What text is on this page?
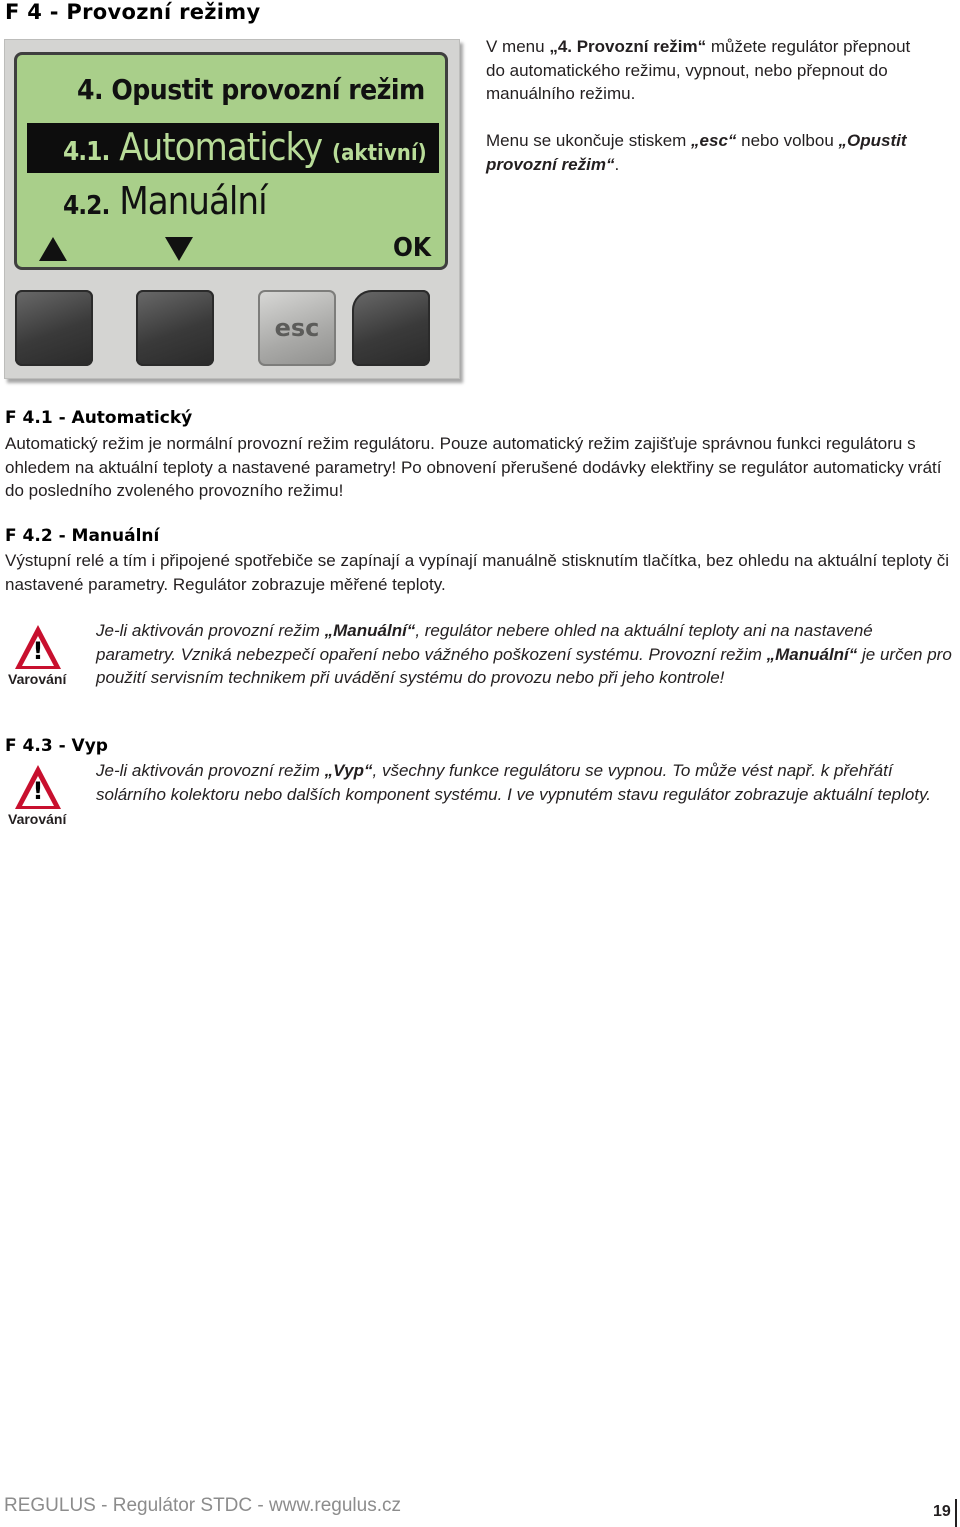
F 4 - Provozní režimy
4. Opustit provozní režim
4.1. Automaticky (aktivní)
4.2. Manuální
OK
esc
V menu „4. Provozní režim“ můžete regulátor přepnout do automatického režimu, vypnout, nebo přepnout do manuálního režimu.
Menu se ukončuje stiskem „esc“ nebo volbou „Opustit provozní režim“.
F 4.1 - Automatický
Automatický režim je normální provozní režim regulátoru. Pouze automatický režim zajišťuje správnou funkci regulátoru s ohledem na aktuální teploty a nastavené parametry! Po obnovení přerušené dodávky elektřiny se regulátor automaticky vrátí do posledního zvoleného provozního režimu!
F 4.2 - Manuální
Výstupní relé a tím i připojené spotřebiče se zapínají a vypínají manuálně stisknutím tlačítka, bez ohledu na aktuální teploty či nastavené parametry. Regulátor zobrazuje měřené teploty.
!
Varování
Je-li aktivován provozní režim „Manuální“, regulátor nebere ohled na aktuální teploty ani na nastavené parametry. Vzniká nebezpečí opaření nebo vážného poškození systému. Provozní režim „Manuální“ je určen pro použití servisním technikem při uvádění systému do provozu nebo při jeho kontrole!
F 4.3 - Vyp
!
Varování
Je-li aktivován provozní režim „Vyp“, všechny funkce regulátoru se vypnou. To může vést např. k přehřátí solárního kolektoru nebo dalších komponent systému. I ve vypnutém stavu regulátor zobrazuje aktuální teploty.
REGULUS - Regulátor STDC - www.regulus.cz	19
